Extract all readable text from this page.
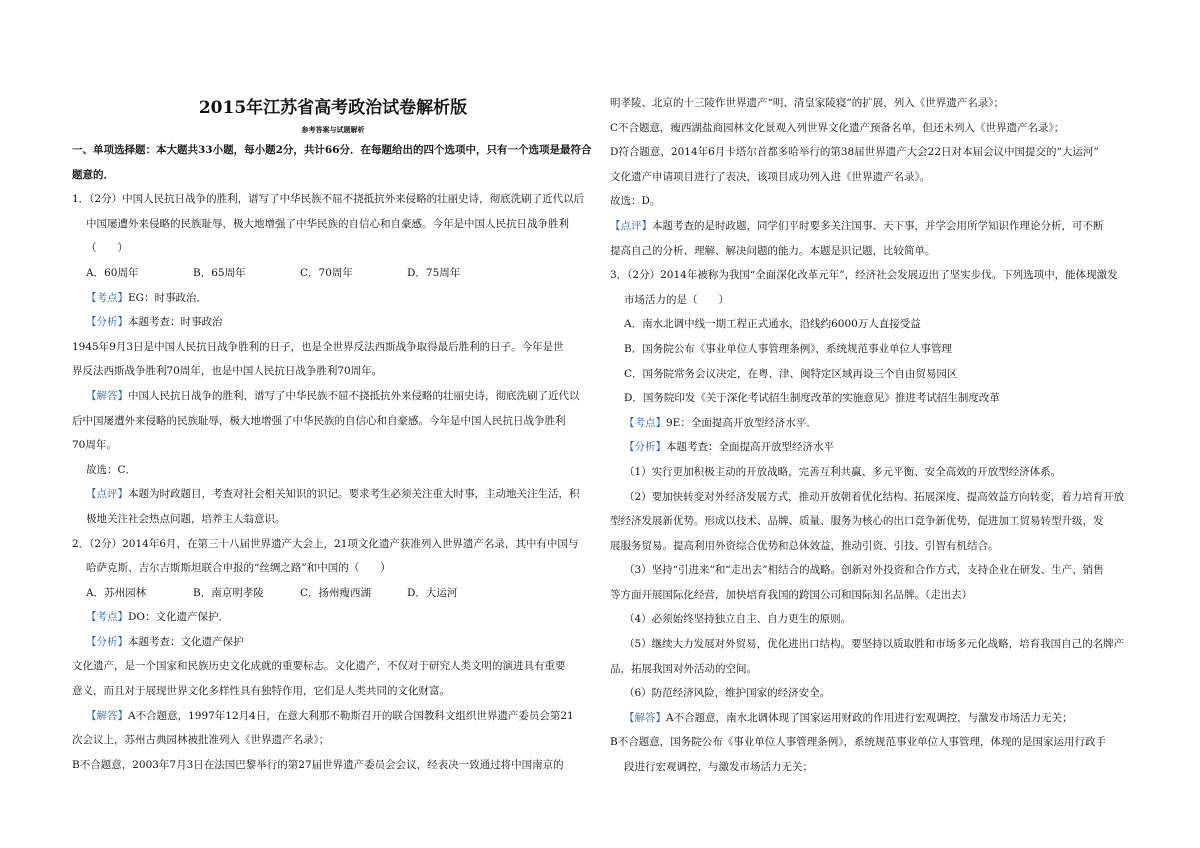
2015年江苏省高考政治试卷解析版
参考答案与试题解析
一、单项选择题：本大题共33小题，每小题2分，共计66分．在每题给出的四个选项中，只有一个选项是最符合题意的．
1．（2分）中国人民抗日战争的胜利，谱写了中华民族不屈不挠抵抗外来侵略的壮丽史诗，彻底洗刷了近代以后
中国屡遭外来侵略的民族耻辱，极大地增强了中华民族的自信心和自豪感。今年是中国人民抗日战争胜利
（　　）
A．60周年	B．65周年	C．70周年	D．75周年
【考点】EG：时事政治．
【分析】本题考查：时事政治
1945年9月3日是中国人民抗日战争胜利的日子，也是全世界反法西斯战争取得最后胜利的日子。今年是世
界反法西斯战争胜利70周年，也是中国人民抗日战争胜利70周年。
【解答】中国人民抗日战争的胜利，谱写了中华民族不屈不挠抵抗外来侵略的壮丽史诗，彻底洗刷了近代以
后中国屡遭外来侵略的民族耻辱，极大地增强了中华民族的自信心和自豪感。今年是中国人民抗日战争胜利
70周年。
故选：C．
【点评】本题为时政题目，考查对社会相关知识的识记。要求考生必须关注重大时事，主动地关注生活，积
极地关注社会热点问题，培养主人翁意识。
2．（2分）2014年6月，在第三十八届世界遗产大会上，21项文化遗产获准列入世界遗产名录，其中有中国与
哈萨克斯、吉尔吉斯斯坦联合申报的“丝绸之路”和中国的（　　）
A．苏州园林	B．南京明孝陵	C．扬州瘦西湖	D．大运河
【考点】DO：文化遗产保护．
【分析】本题考查：文化遗产保护
文化遗产，是一个国家和民族历史文化成就的重要标志。文化遗产，不仅对于研究人类文明的演进具有重要
意义，而且对于展现世界文化多样性具有独特作用，它们是人类共同的文化财富。
【解答】A不合题意，1997年12月4日，在意大利那不勒斯召开的联合国教科文组织世界遗产委员会第21
次会议上，苏州古典园林被批准列入《世界遗产名录》；
B不合题意，2003年7月3日在法国巴黎举行的第27届世界遗产委员会会议，经表决一致通过将中国南京的
明孝陵、北京的十三陵作世界遗产“明、清皇家陵寝”的扩展，列入《世界遗产名录》；
C不合题意，瘦西湖盐商园林文化景观入列世界文化遗产预备名单，但还未列入《世界遗产名录》；
D符合题意，2014年6月卡塔尔首都多哈举行的第38届世界遗产大会22日对本届会议中国提交的“大运河”
文化遗产申请项目进行了表决，该项目成功列入进《世界遗产名录》。
故选：D。
【点评】本题考查的是时政题，同学们平时要多关注国事、天下事，并学会用所学知识作理论分析，可不断
提高自己的分析、理解、解决问题的能力。本题是识记题，比较简单。
3．（2分）2014年被称为我国“全面深化改革元年”，经济社会发展迈出了坚实步伐。下列选项中，能体现激发
市场活力的是（　　）
A．南水北调中线一期工程正式通水，沿线约6000万人直接受益
B．国务院公布《事业单位人事管理条例》，系统规范事业单位人事管理
C．国务院常务会议决定，在粤、津、闽特定区域再设三个自由贸易园区
D．国务院印发《关于深化考试招生制度改革的实施意见》推进考试招生制度改革
【考点】9E：全面提高开放型经济水平．
【分析】本题考查：全面提高开放型经济水平
（1）实行更加积极主动的开放战略，完善互利共赢、多元平衡、安全高效的开放型经济体系。
（2）要加快转变对外经济发展方式，推动开放朝着优化结构、拓展深度、提高效益方向转变，着力培育开放
型经济发展新优势。形成以技术、品牌、质量、服务为核心的出口竞争新优势，促进加工贸易转型升级，发
展服务贸易。提高利用外资综合优势和总体效益，推动引资、引技、引智有机结合。
（3）坚持“引进来”和“走出去”相结合的战略。创新对外投资和合作方式，支持企业在研发、生产、销售
等方面开展国际化经营，加快培育我国的跨国公司和国际知名品牌。（走出去）
（4）必须始终坚持独立自主、自力更生的原则。
（5）继续大力发展对外贸易，优化进出口结构。要坚持以质取胜和市场多元化战略，培育我国自己的名牌产
品，拓展我国对外活动的空间。
（6）防范经济风险，维护国家的经济安全。
【解答】A不合题意，南水北调体现了国家运用财政的作用进行宏观调控，与激发市场活力无关；
B不合题意，国务院公布《事业单位人事管理条例》，系统规范事业单位人事管理，体现的是国家运用行政手
段进行宏观调控，与激发市场活力无关；
